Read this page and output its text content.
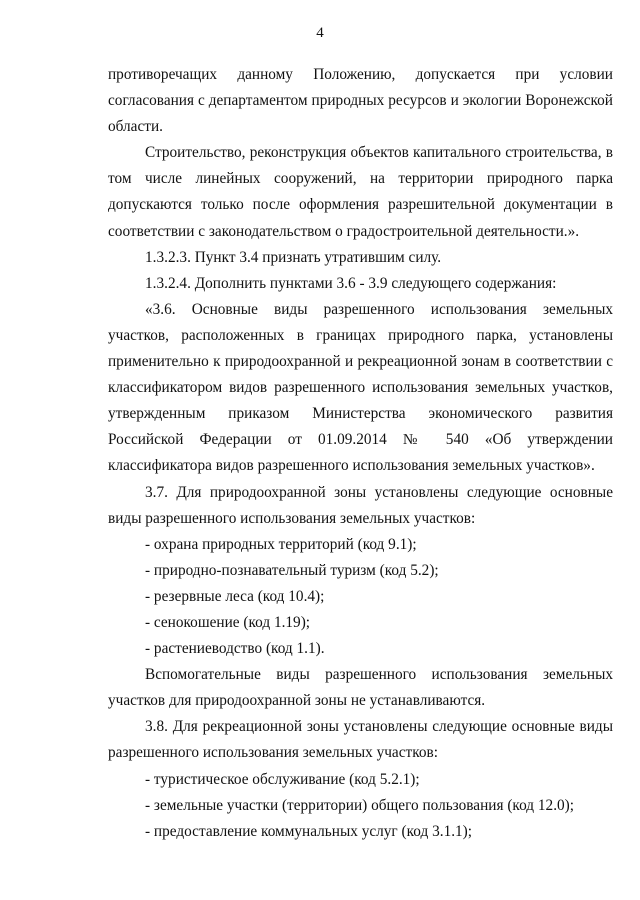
4
противоречащих данному Положению, допускается при условии
согласования с департаментом природных ресурсов и экологии Воронежской
области.
Строительство, реконструкция объектов капитального строительства, в
том числе линейных сооружений, на территории природного парка
допускаются только после оформления разрешительной документации в
соответствии с законодательством о градостроительной деятельности.».
1.3.2.3. Пункт 3.4 признать утратившим силу.
1.3.2.4. Дополнить пунктами 3.6 - 3.9 следующего содержания:
«3.6. Основные виды разрешенного использования земельных
участков, расположенных в границах природного парка, установлены
применительно к природоохранной и рекреационной зонам в соответствии с
классификатором видов разрешенного использования земельных участков,
утвержденным приказом Министерства экономического развития
Российской Федерации от 01.09.2014 № 540 «Об утверждении
классификатора видов разрешенного использования земельных участков».
3.7. Для природоохранной зоны установлены следующие основные
виды разрешенного использования земельных участков:
- охрана природных территорий (код 9.1);
- природно-познавательный туризм (код 5.2);
- резервные леса (код 10.4);
- сенокошение (код 1.19);
- растениеводство (код 1.1).
Вспомогательные виды разрешенного использования земельных
участков для природоохранной зоны не устанавливаются.
3.8. Для рекреационной зоны установлены следующие основные виды
разрешенного использования земельных участков:
- туристическое обслуживание (код 5.2.1);
- земельные участки (территории) общего пользования (код 12.0);
- предоставление коммунальных услуг (код 3.1.1);
